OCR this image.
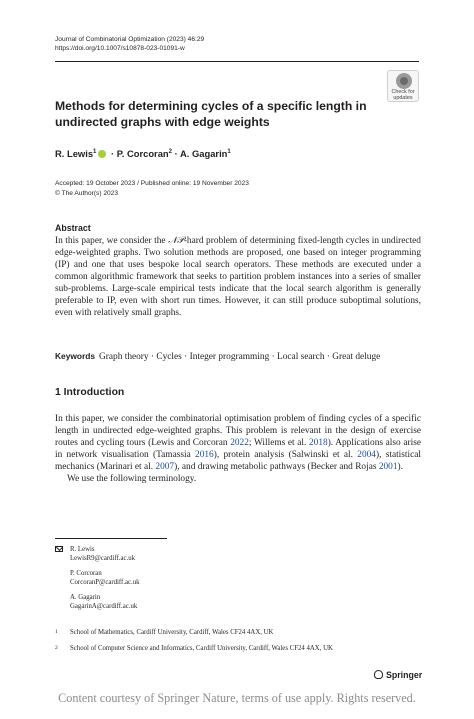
Journal of Combinatorial Optimization (2023) 46:29
https://doi.org/10.1007/s10878-023-01091-w
Check for
updates
Methods for determining cycles of a specific length in undirected graphs with edge weights
R. Lewis$^1$ · P. Corcoran$^2$ · A. Gagarin$^1$
Accepted: 19 October 2023 / Published online: 19 November 2023
© The Author(s) 2023
Abstract
In this paper, we consider the 𝒩𝒫-hard problem of determining fixed-length cycles in undirected edge-weighted graphs. Two solution methods are proposed, one based on integer programming (IP) and one that uses bespoke local search operators. These methods are executed under a common algorithmic framework that seeks to partition problem instances into a series of smaller sub-problems. Large-scale empirical tests indicate that the local search algorithm is generally preferable to IP, even with short run times. However, it can still produce suboptimal solutions, even with relatively small graphs.
Keywords Graph theory · Cycles · Integer programming · Local search · Great deluge
1 Introduction

In this paper, we consider the combinatorial optimisation problem of finding cycles of a specific length in undirected edge-weighted graphs. This problem is relevant in the design of exercise routes and cycling tours (Lewis and Corcoran 2022; Willems et al. 2018). Applications also arise in network visualisation (Tamassia 2016), protein analysis (Salwinski et al. 2004), statistical mechanics (Marinari et al. 2007), and drawing metabolic pathways (Becker and Rojas 2001).

We use the following terminology.

R. Lewis
LewisR9@cardiff.ac.uk
P. Corcoran
CorcoranP@cardiff.ac.uk
A. Gagarin
GagarinA@cardiff.ac.uk
1 School of Mathematics, Cardiff University, Cardiff, Wales CF24 4AX, UK
2 School of Computer Science and Informatics, Cardiff University, Cardiff, Wales CF24 4AX, UK
Springer
Content courtesy of Springer Nature, terms of use apply. Rights reserved.
